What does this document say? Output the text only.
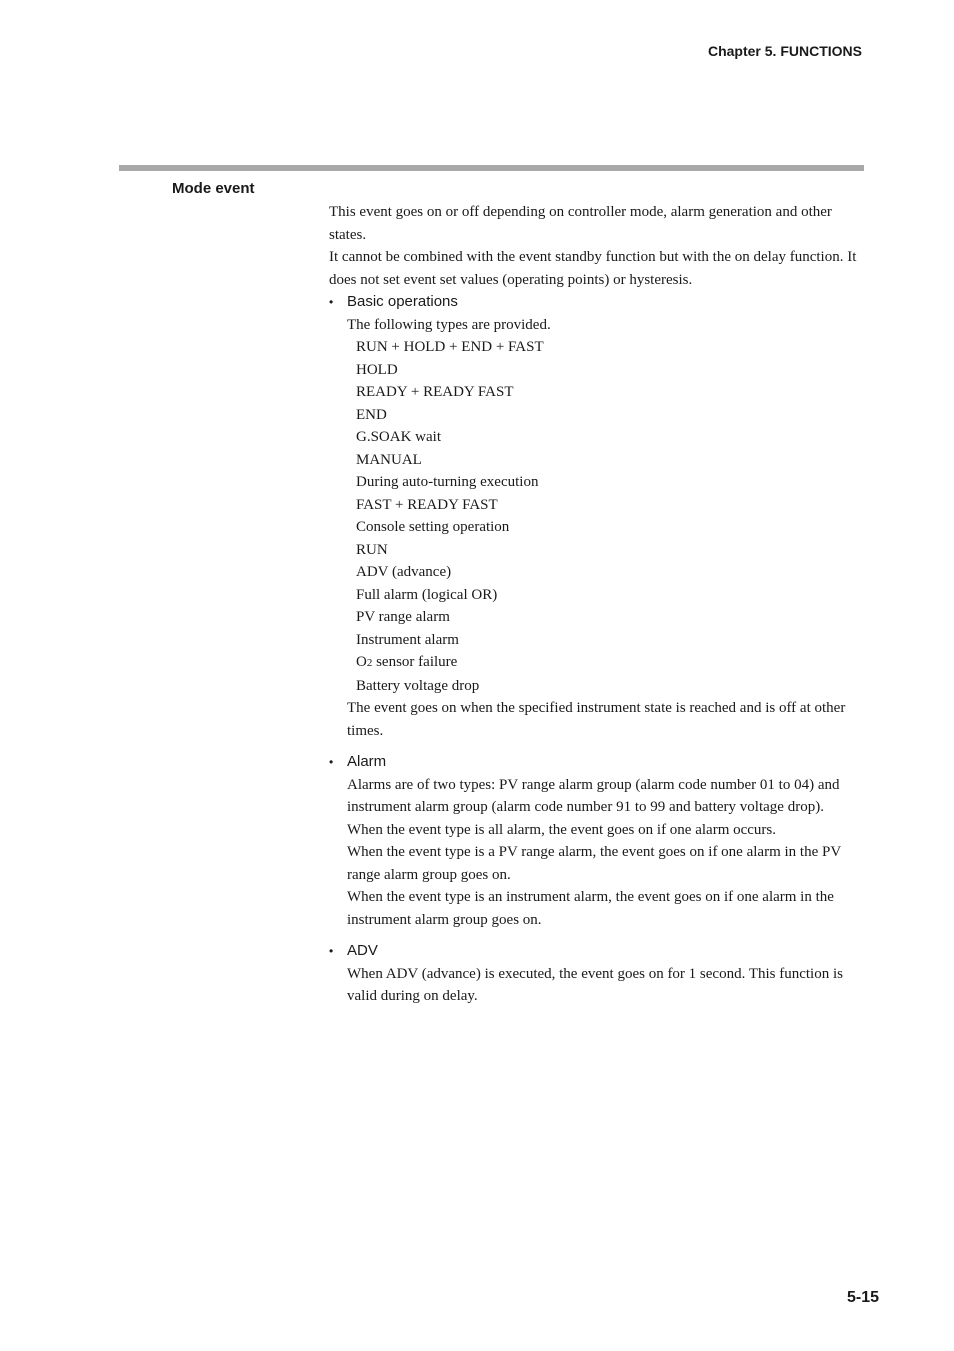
Chapter 5. FUNCTIONS
Mode event

This event goes on or off depending on controller mode, alarm generation and other states.

It cannot be combined with the event standby function but with the on delay function. It does not set event set values (operating points) or hysteresis.

• Basic operations

The following types are provided.

RUN + HOLD + END + FAST
HOLD
READY + READY FAST
END
G.SOAK wait
MANUAL
During auto-turning execution
FAST + READY FAST
Console setting operation
RUN
ADV (advance)
Full alarm (logical OR)
PV range alarm
Instrument alarm
O2 sensor failure
Battery voltage drop

The event goes on when the specified instrument state is reached and is off at other times.

• Alarm

Alarms are of two types: PV range alarm group (alarm code number 01 to 04) and instrument alarm group (alarm code number 91 to 99 and battery voltage drop). When the event type is all alarm, the event goes on if one alarm occurs.

When the event type is a PV range alarm, the event goes on if one alarm in the PV range alarm group goes on.

When the event type is an instrument alarm, the event goes on if one alarm in the instrument alarm group goes on.

• ADV

When ADV (advance) is executed, the event goes on for 1 second. This function is valid during on delay.

5-15
